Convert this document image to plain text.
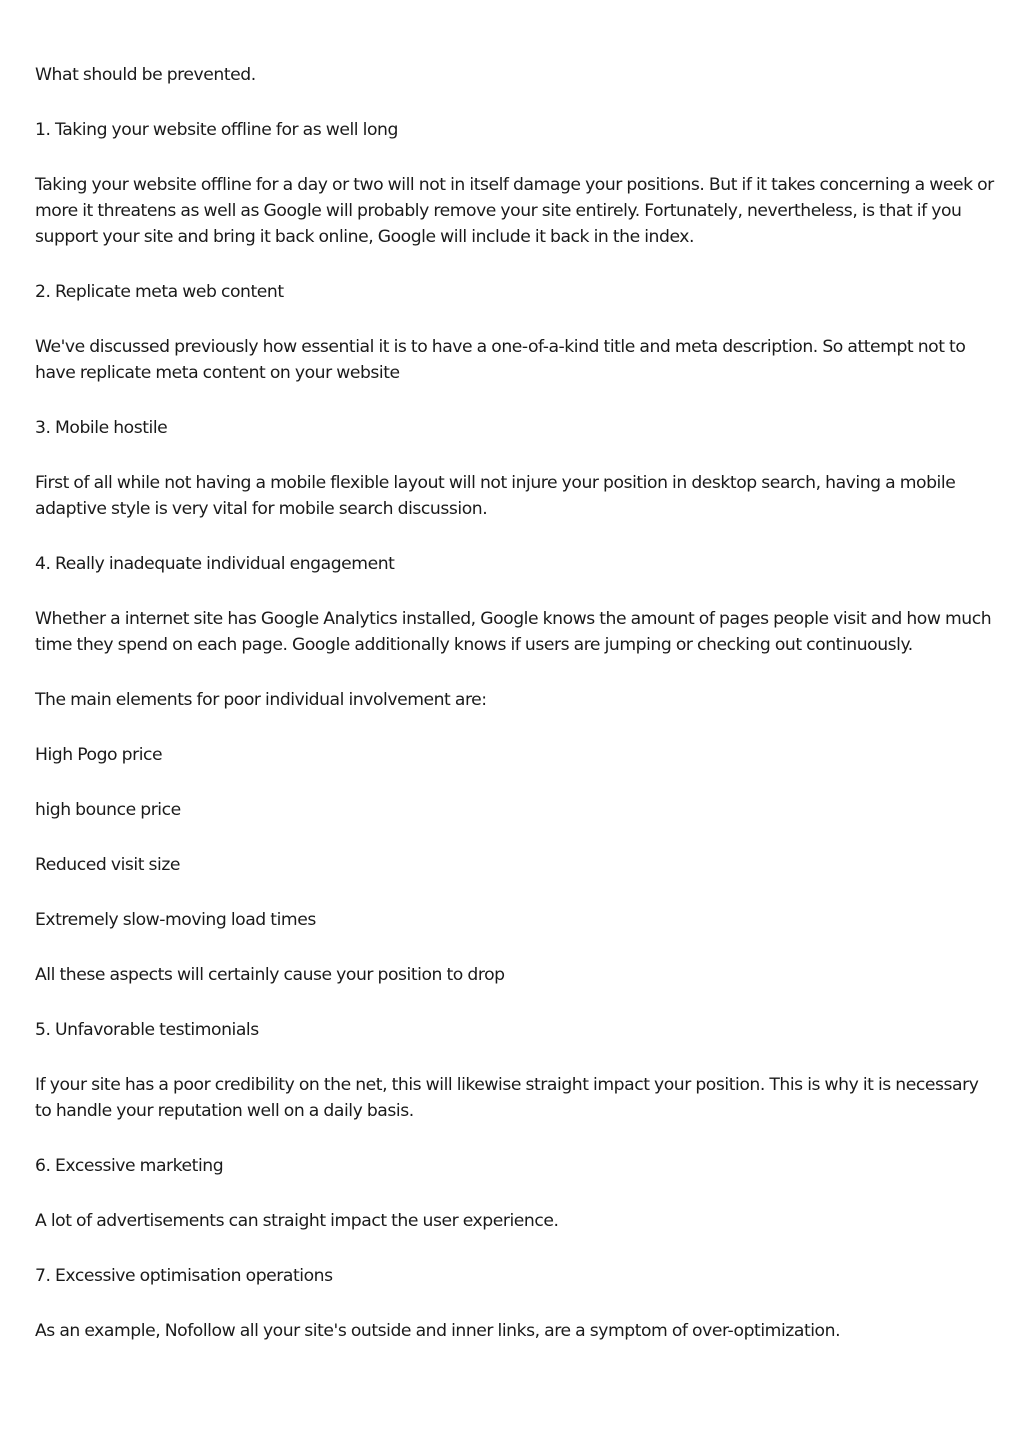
What should be prevented.

1. Taking your website offline for as well long

Taking your website offline for a day or two will not in itself damage your positions. But if it takes concerning a week or more it threatens as well as Google will probably remove your site entirely. Fortunately, nevertheless, is that if you support your site and bring it back online, Google will include it back in the index.

2. Replicate meta web content

We've discussed previously how essential it is to have a one-of-a-kind title and meta description. So attempt not to have replicate meta content on your website

3. Mobile hostile

First of all while not having a mobile flexible layout will not injure your position in desktop search, having a mobile adaptive style is very vital for mobile search discussion.

4. Really inadequate individual engagement

Whether a internet site has Google Analytics installed, Google knows the amount of pages people visit and how much time they spend on each page. Google additionally knows if users are jumping or checking out continuously.

The main elements for poor individual involvement are:

High Pogo price

high bounce price

Reduced visit size

Extremely slow-moving load times

All these aspects will certainly cause your position to drop

5. Unfavorable testimonials

If your site has a poor credibility on the net, this will likewise straight impact your position. This is why it is necessary to handle your reputation well on a daily basis.

6. Excessive marketing

A lot of advertisements can straight impact the user experience.

7. Excessive optimisation operations

As an example, Nofollow all your site's outside and inner links, are a symptom of over-optimization.
